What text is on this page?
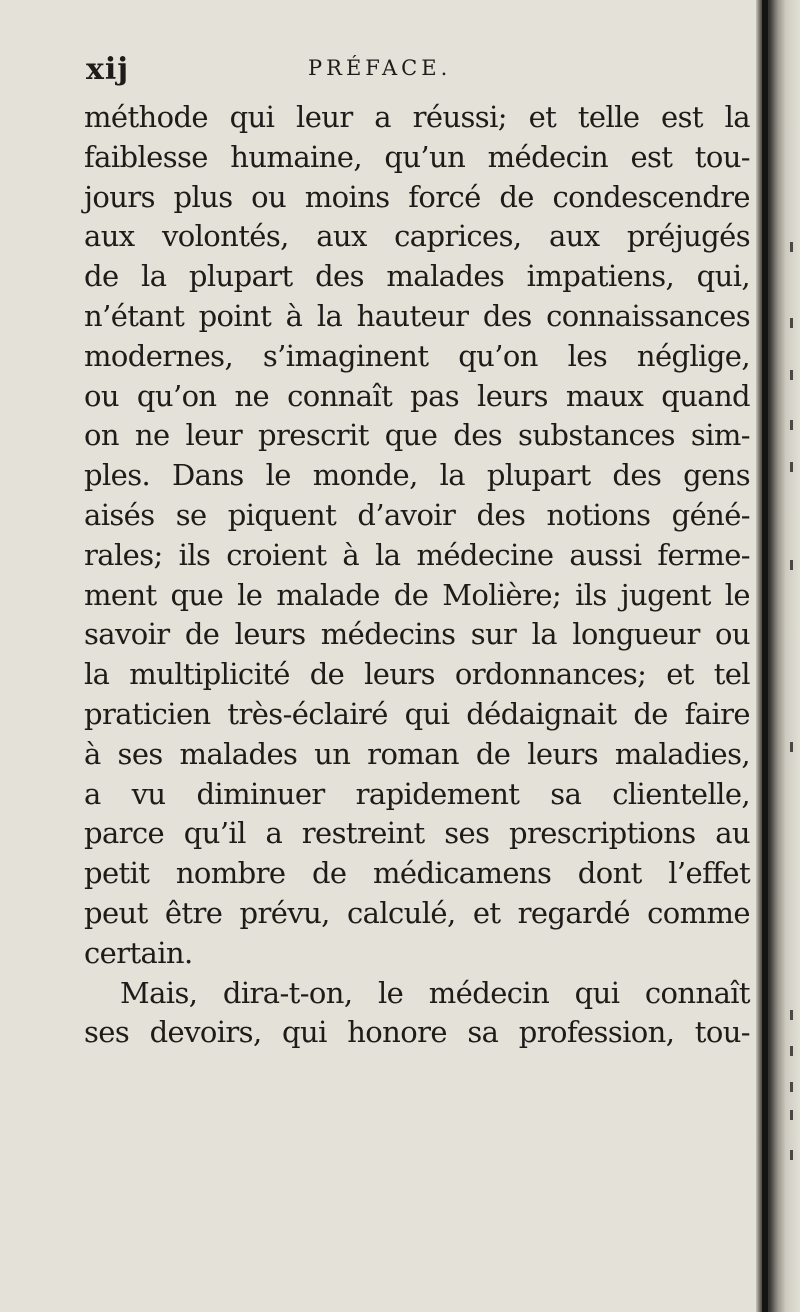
xij	PRÉFACE.
méthode qui leur a réussi; et telle est la
faiblesse humaine, qu’un médecin est tou-
jours plus ou moins forcé de condescendre
aux volontés, aux caprices, aux préjugés
de la plupart des malades impatiens, qui,
n’étant point à la hauteur des connaissances
modernes, s’imaginent qu’on les néglige,
ou qu’on ne connaît pas leurs maux quand
on ne leur prescrit que des substances sim-
ples. Dans le monde, la plupart des gens
aisés se piquent d’avoir des notions géné-
rales; ils croient à la médecine aussi ferme-
ment que le malade de Molière; ils jugent le
savoir de leurs médecins sur la longueur ou
la multiplicité de leurs ordonnances; et tel
praticien très-éclairé qui dédaignait de faire
à ses malades un roman de leurs maladies,
a vu diminuer rapidement sa clientelle,
parce qu’il a restreint ses prescriptions au
petit nombre de médicamens dont l’effet
peut être prévu, calculé, et regardé comme
certain.
Mais, dira-t-on, le médecin qui connaît
ses devoirs, qui honore sa profession, tou-
